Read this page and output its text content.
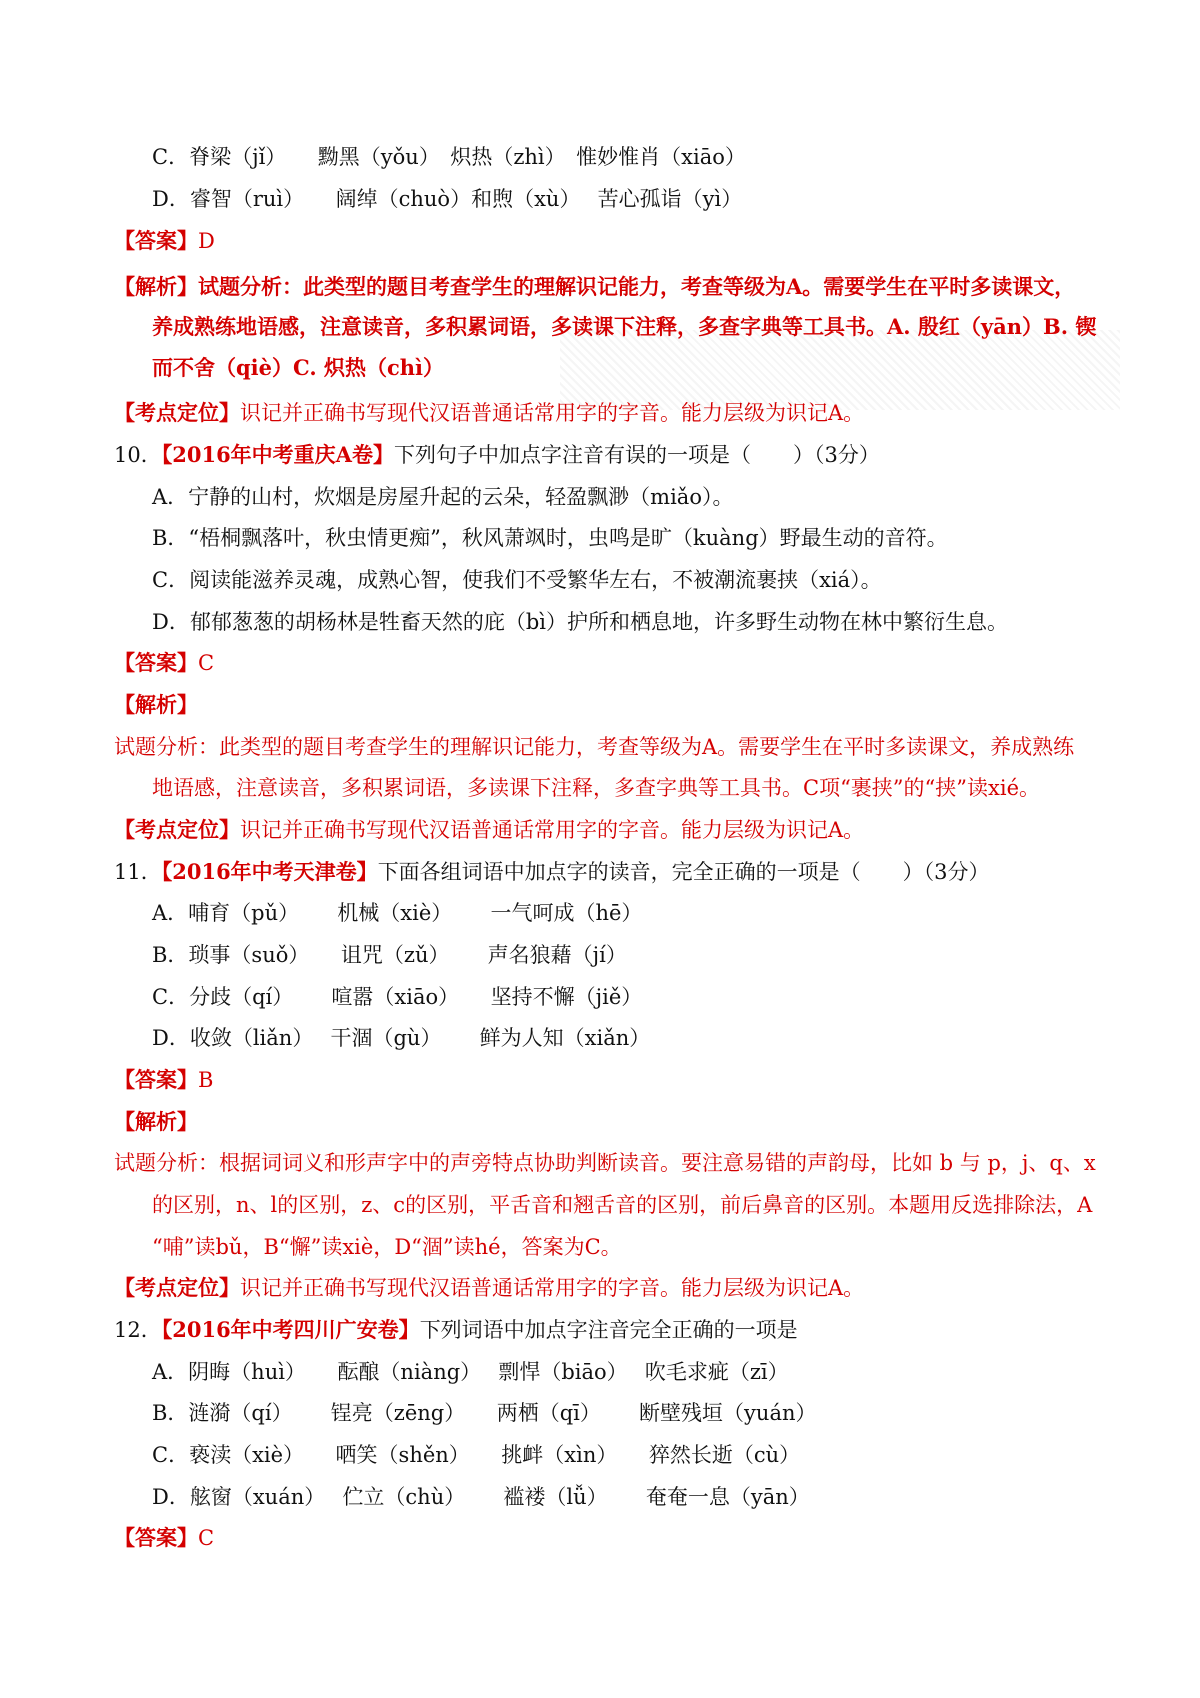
C．脊梁（jǐ）　　黝黑（yǒu）　炽热（zhì）　惟妙惟肖（xiāo）
D．睿智（ruì）　　阔绰（chuò）和煦（xù）　 苦心孤诣（yì）
【答案】D
【解析】试题分析：此类型的题目考查学生的理解识记能力，考查等级为A。需要学生在平时多读课文，
养成熟练地语感，注意读音，多积累词语，多读课下注释，多查字典等工具书。A. 殷红（yān）B. 锲
而不舍（qiè）C. 炽热（chì）
【考点定位】识记并正确书写现代汉语普通话常用字的字音。能力层级为识记A。
10．【2016年中考重庆A卷】下列句子中加点字注音有误的一项是（　　）（3分）
A．宁静的山村，炊烟是房屋升起的云朵，轻盈飘渺（miǎo）。
B．“梧桐飘落叶，秋虫情更痴”，秋风萧飒时，虫鸣是旷（kuàng）野最生动的音符。
C．阅读能滋养灵魂，成熟心智，使我们不受繁华左右，不被潮流裹挟（xiá）。
D．郁郁葱葱的胡杨林是牲畜天然的庇（bì）护所和栖息地，许多野生动物在林中繁衍生息。
【答案】C
【解析】
试题分析：此类型的题目考查学生的理解识记能力，考查等级为A。需要学生在平时多读课文，养成熟练
地语感，注意读音，多积累词语，多读课下注释，多查字典等工具书。C项“裹挟”的“挟”读xié。
【考点定位】识记并正确书写现代汉语普通话常用字的字音。能力层级为识记A。
11．【2016年中考天津卷】下面各组词语中加点字的读音，完全正确的一项是（　　）（3分）
A．哺育（pǔ）　　 机械（xiè）　　 一气呵成（hē）
B．琐事（suǒ）　　诅咒（zǔ）　　 声名狼藉（jí）
C．分歧（qí）　　 喧嚣（xiāo）　　坚持不懈（jiě）
D．收敛（liǎn）　 干涸（gù）　　 鲜为人知（xiǎn）
【答案】B
【解析】
试题分析：根据词词义和形声字中的声旁特点协助判断读音。要注意易错的声韵母，比如 b 与 p，j、q、x
的区别，n、l的区别，z、c的区别，平舌音和翘舌音的区别，前后鼻音的区别。本题用反选排除法，A
“哺”读bǔ，B“懈”读xiè，D“涸”读hé，答案为C。
【考点定位】识记并正确书写现代汉语普通话常用字的字音。能力层级为识记A。
12．【2016年中考四川广安卷】下列词语中加点字注音完全正确的一项是
A．阴晦（huì）　　酝酿（niàng）　 剽悍（biāo）　 吹毛求疵（zī）
B．涟漪（qí）　　 锃亮（zēng）　　两栖（qī）　　 断壁残垣（yuán）
C．亵渎（xiè）　　哂笑（shěn）　　挑衅（xìn）　　猝然长逝（cù）
D．舷窗（xuán）　 伫立（chù）　　 褴褛（lǚ）　　 奄奄一息（yān）
【答案】C
